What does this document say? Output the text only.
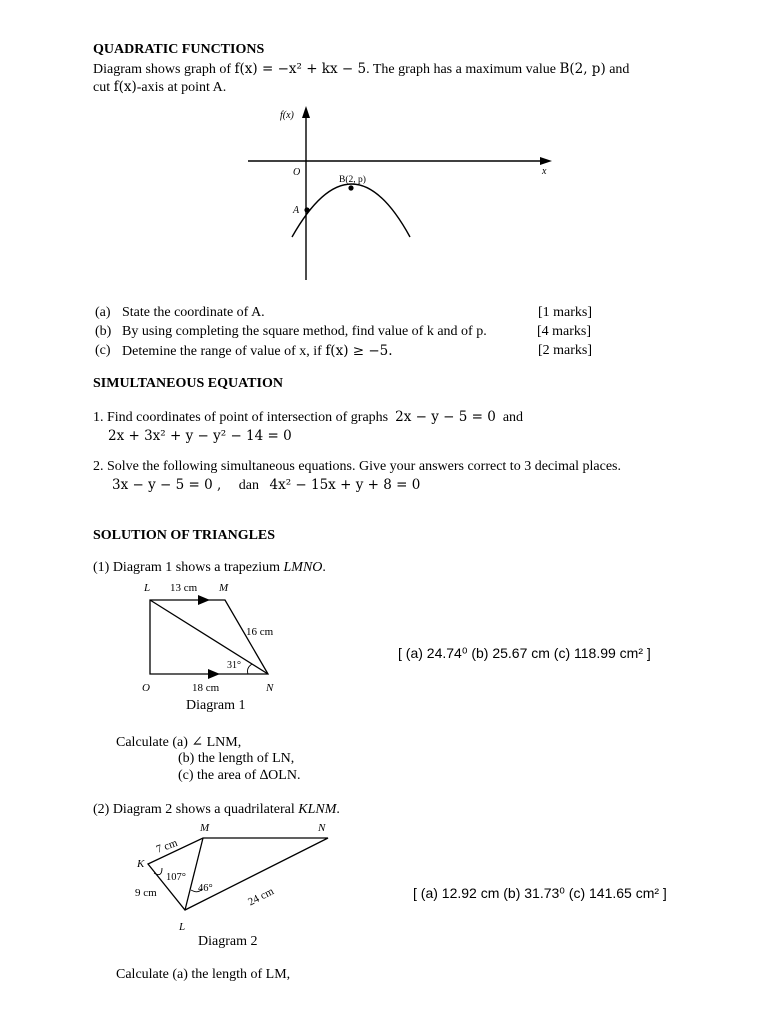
QUADRATIC FUNCTIONS
Diagram shows graph of f(x) = −x² + kx − 5. The graph has a maximum value B(2, p) and
cut f(x)-axis at point A.
f(x)
x
O
A
B(2, p)
(a) State the coordinate of A.	[1 marks]
(b) By using completing the square method, find value of k and of p.	[4 marks]
(c) Detemine the range of value of x, if f(x) ≥ −5.	[2 marks]
SIMULTANEOUS EQUATION
1. Find coordinates of point of intersection of graphs 2x − y − 5 = 0 and
2x + 3x² + y − y² − 14 = 0
2. Solve the following simultaneous equations. Give your answers correct to 3 decimal places.
3x − y − 5 = 0 , dan 4x² − 15x + y + 8 = 0
SOLUTION OF TRIANGLES
(1) Diagram 1 shows a trapezium LMNO.
L	M
N
O
13 cm
16 cm
18 cm
31°
Diagram 1
[ (a) 24.74⁰ (b) 25.67 cm (c) 118.99 cm² ]
Calculate (a) ∠ LNM,
(b) the length of LN,
(c) the area of ∆OLN.
(2) Diagram 2 shows a quadrilateral KLNM.
M	N
K
L
7 cm
9 cm
107°
46°	24 cm
Diagram 2
[ (a) 12.92 cm (b) 31.73⁰ (c) 141.65 cm² ]
Calculate (a) the length of LM,
